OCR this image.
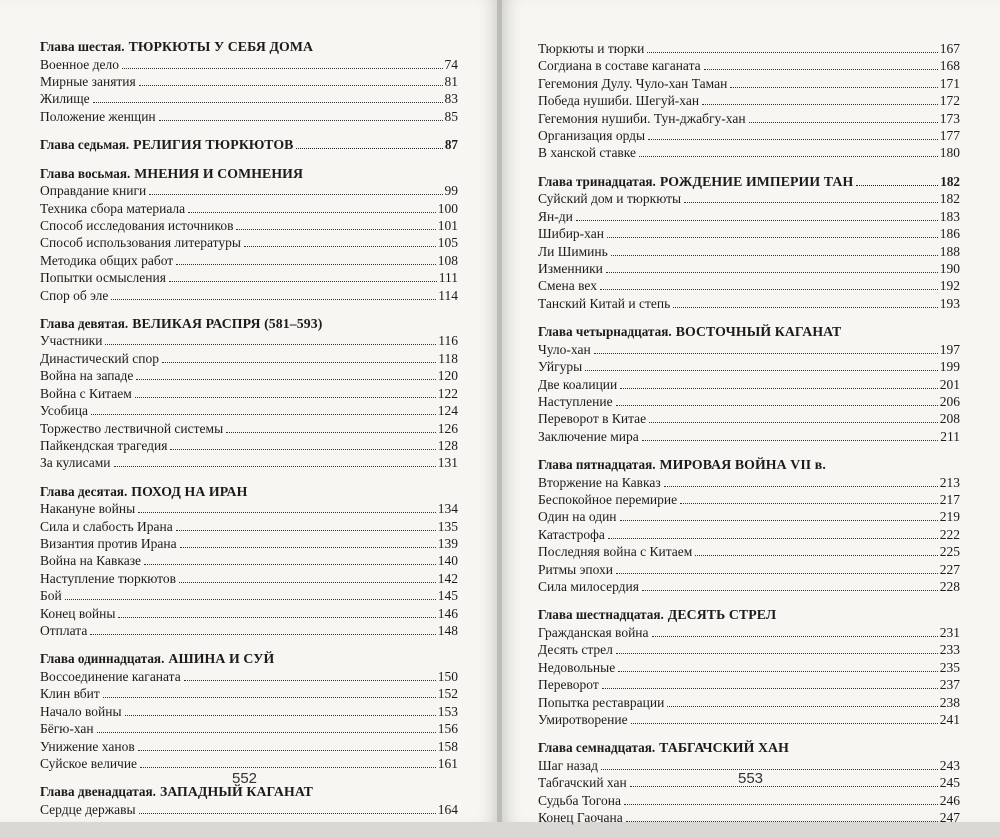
Глава шестая. ТЮРКЮТЫ У СЕБЯ ДОМА
Военное дело	74
Мирные занятия	81
Жилище	83
Положение женщин	85
Глава седьмая. РЕЛИГИЯ ТЮРКЮТОВ	87
Глава восьмая. МНЕНИЯ И СОМНЕНИЯ
Оправдание книги	99
Техника сбора материала	100
Способ исследования источников	101
Способ использования литературы	105
Методика общих работ	108
Попытки осмысления	111
Спор об эле	114
Глава девятая. ВЕЛИКАЯ РАСПРЯ (581–593)
Участники	116
Династический спор	118
Война на западе	120
Война с Китаем	122
Усобица	124
Торжество лествичной системы	126
Пайкендская трагедия	128
За кулисами	131
Глава десятая. ПОХОД НА ИРАН
Накануне войны	134
Сила и слабость Ирана	135
Византия против Ирана	139
Война на Кавказе	140
Наступление тюркютов	142
Бой	145
Конец войны	146
Отплата	148
Глава одиннадцатая. АШИНА И СУЙ
Воссоединение каганата	150
Клин вбит	152
Начало войны	153
Бёгю-хан	156
Унижение ханов	158
Суйское величие	161
Глава двенадцатая. ЗАПАДНЫЙ КАГАНАТ
Сердце державы	164
552
Тюркюты и тюрки	167
Согдиана в составе каганата	168
Гегемония Дулу. Чуло-хан Таман	171
Победа нушиби. Шегуй-хан	172
Гегемония нушиби. Тун-джабгу-хан	173
Организация орды	177
В ханской ставке	180
Глава тринадцатая. РОЖДЕНИЕ ИМПЕРИИ ТАН	182
Суйский дом и тюркюты	182
Ян-ди	183
Шибир-хан	186
Ли Шиминь	188
Изменники	190
Смена вех	192
Танский Китай и степь	193
Глава четырнадцатая. ВОСТОЧНЫЙ КАГАНАТ
Чуло-хан	197
Уйгуры	199
Две коалиции	201
Наступление	206
Переворот в Китае	208
Заключение мира	211
Глава пятнадцатая. МИРОВАЯ ВОЙНА VII в.
Вторжение на Кавказ	213
Беспокойное перемирие	217
Один на один	219
Катастрофа	222
Последняя война с Китаем	225
Ритмы эпохи	227
Сила милосердия	228
Глава шестнадцатая. ДЕСЯТЬ СТРЕЛ
Гражданская война	231
Десять стрел	233
Недовольные	235
Переворот	237
Попытка реставрации	238
Умиротворение	241
Глава семнадцатая. ТАБГАЧСКИЙ ХАН
Шаг назад	243
Табгачский хан	245
Судьба Тогона	246
Конец Гаочана	247
553
